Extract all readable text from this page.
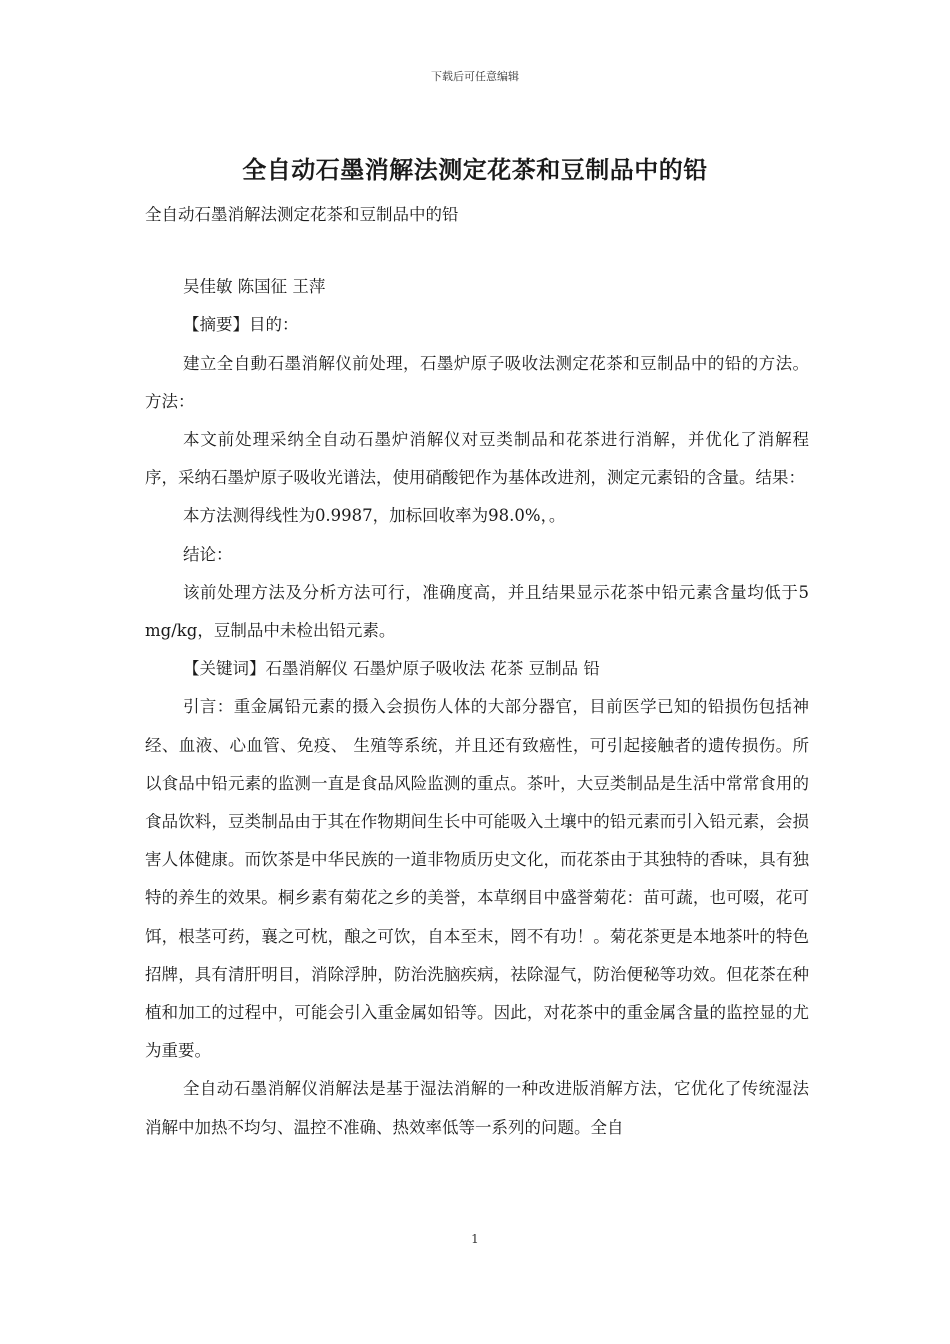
下载后可任意编辑
全自动石墨消解法测定花茶和豆制品中的铅

全自动石墨消解法测定花茶和豆制品中的铅

吴佳敏 陈国征 王萍

【摘要】目的：

建立全自動石墨消解仪前处理，石墨炉原子吸收法测定花茶和豆制品中的铅的方法。方法：

本文前处理采纳全自动石墨炉消解仪对豆类制品和花茶进行消解，并优化了消解程序，采纳石墨炉原子吸收光谱法，使用硝酸钯作为基体改进剂，测定元素铅的含量。结果：

本方法测得线性为0.9987，加标回收率为98.0%，。

结论：

该前处理方法及分析方法可行，准确度高，并且结果显示花茶中铅元素含量均低于5 mg/kg，豆制品中未检出铅元素。

【关键词】石墨消解仪 石墨炉原子吸收法 花茶 豆制品 铅

引言：重金属铅元素的摄入会损伤人体的大部分器官，目前医学已知的铅损伤包括神经、血液、心血管、免疫、 生殖等系统，并且还有致癌性，可引起接触者的遗传损伤。所以食品中铅元素的监测一直是食品风险监测的重点。茶叶，大豆类制品是生活中常常食用的食品饮料，豆类制品由于其在作物期间生长中可能吸入土壤中的铅元素而引入铅元素，会损害人体健康。而饮茶是中华民族的一道非物质历史文化，而花茶由于其独特的香味，具有独特的养生的效果。桐乡素有菊花之乡的美誉，本草纲目中盛誉菊花：苗可蔬，也可啜，花可饵，根茎可药，襄之可枕，酿之可饮，自本至末，罔不有功！。菊花茶更是本地茶叶的特色招牌，具有清肝明目，消除浮肿，防治洗脑疾病，祛除湿气，防治便秘等功效。但花茶在种植和加工的过程中，可能会引入重金属如铅等。因此，对花茶中的重金属含量的监控显的尤为重要。

全自动石墨消解仪消解法是基于湿法消解的一种改进版消解方法，它优化了传统湿法消解中加热不均匀、温控不准确、热效率低等一系列的问题。全自

1
